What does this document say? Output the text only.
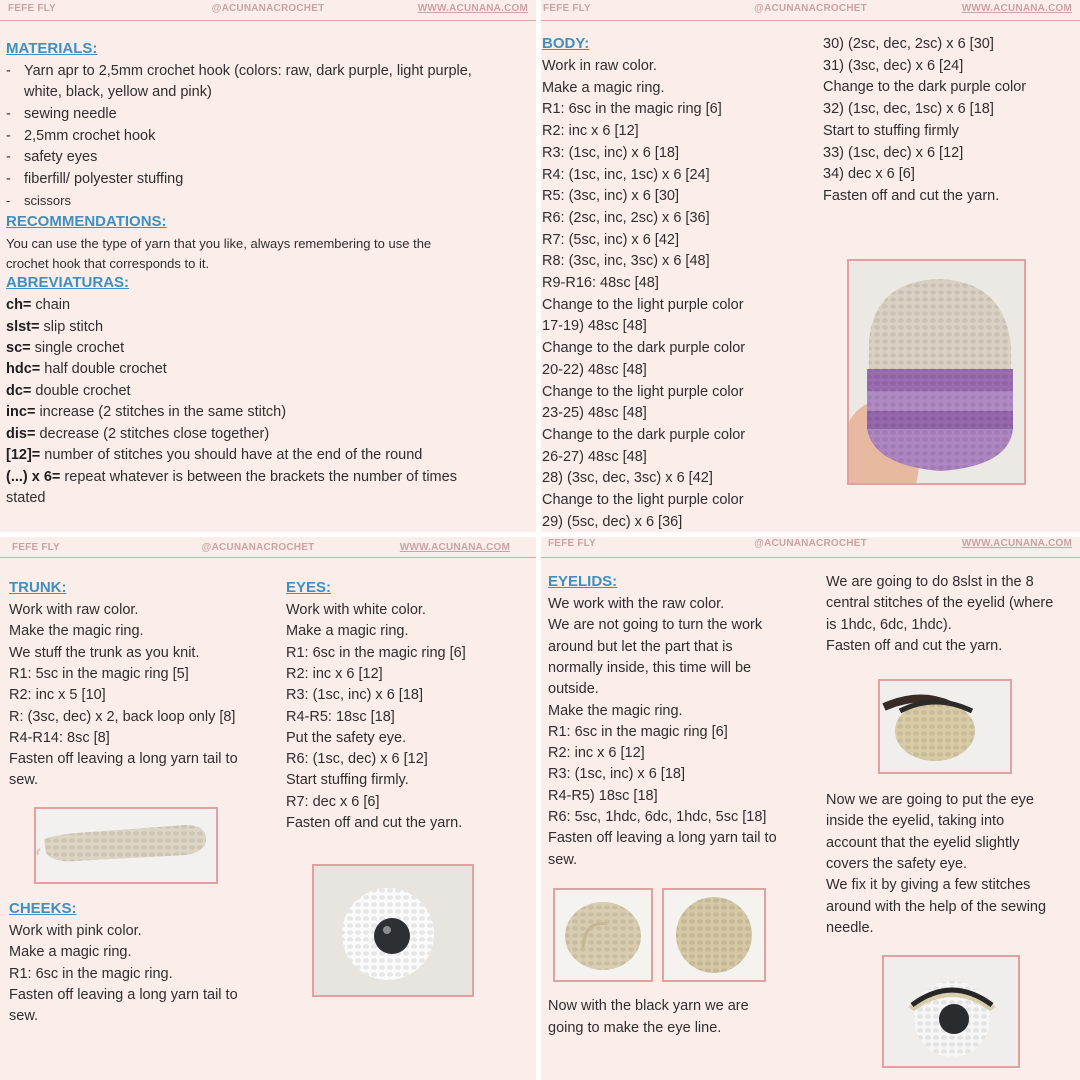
FEFE FLY	@ACUNANACROCHET	WWW.ACUNANA.COM
MATERIALS:
- Yarn apr to 2,5mm crochet hook (colors: raw, dark purple, light purple,
white, black, yellow and pink)
- sewing needle
- 2,5mm crochet hook
- safety eyes
- fiberfill/ polyester stuffing
- scissors
RECOMMENDATIONS:
You can use the type of yarn that you like, always remembering to use the
crochet hook that corresponds to it.
ABREVIATURAS:
ch= chain
slst= slip stitch
sc= single crochet
hdc= half double crochet
dc= double crochet
inc= increase (2 stitches in the same stitch)
dis= decrease (2 stitches close together)
[12]= number of stitches you should have at the end of the round
(...) x 6= repeat whatever is between the brackets the number of times
stated
FEFE FLY	@ACUNANACROCHET	WWW.ACUNANA.COM
BODY:
Work in raw color.
Make a magic ring.
R1: 6sc in the magic ring [6]
R2: inc x 6 [12]
R3: (1sc, inc) x 6 [18]
R4: (1sc, inc, 1sc) x 6 [24]
R5: (3sc, inc) x 6 [30]
R6: (2sc, inc, 2sc) x 6 [36]
R7: (5sc, inc) x 6 [42]
R8: (3sc, inc, 3sc) x 6 [48]
R9-R16: 48sc [48]
Change to the light purple color
17-19) 48sc [48]
Change to the dark purple color
20-22) 48sc [48]
Change to the light purple color
23-25) 48sc [48]
Change to the dark purple color
26-27) 48sc [48]
28) (3sc, dec, 3sc) x 6 [42]
Change to the light purple color
29) (5sc, dec) x 6 [36]
30) (2sc, dec, 2sc) x 6 [30]
31) (3sc, dec) x 6 [24]
Change to the dark purple color
32) (1sc, dec, 1sc) x 6 [18]
Start to stuffing firmly
33) (1sc, dec) x 6 [12]
34) dec x 6 [6]
Fasten off and cut the yarn.
FEFE FLY	@ACUNANACROCHET	WWW.ACUNANA.COM
TRUNK:
Work with raw color.
Make the magic ring.
We stuff the trunk as you knit.
R1: 5sc in the magic ring [5]
R2: inc x 5 [10]
R: (3sc, dec) x 2, back loop only [8]
R4-R14: 8sc [8]
Fasten off leaving a long yarn tail to
sew.
EYES:
Work with white color.
Make a magic ring.
R1: 6sc in the magic ring [6]
R2: inc x 6 [12]
R3: (1sc, inc) x 6 [18]
R4-R5: 18sc [18]
Put the safety eye.
R6: (1sc, dec) x 6 [12]
Start stuffing firmly.
R7: dec x 6 [6]
Fasten off and cut the yarn.
CHEEKS:
Work with pink color.
Make a magic ring.
R1: 6sc in the magic ring.
Fasten off leaving a long yarn tail to
sew.
FEFE FLY	@ACUNANACROCHET	WWW.ACUNANA.COM
EYELIDS:
We work with the raw color.
We are not going to turn the work
around but let the part that is
normally inside, this time will be
outside.
Make the magic ring.
R1: 6sc in the magic ring [6]
R2: inc x 6 [12]
R3: (1sc, inc) x 6 [18]
R4-R5) 18sc [18]
R6: 5sc, 1hdc, 6dc, 1hdc, 5sc [18]
Fasten off leaving a long yarn tail to
sew.
We are going to do 8slst in the 8
central stitches of the eyelid (where
is 1hdc, 6dc, 1hdc).
Fasten off and cut the yarn.
Now with the black yarn we are
going to make the eye line.
Now we are going to put the eye
inside the eyelid, taking into
account that the eyelid slightly
covers the safety eye.
We fix it by giving a few stitches
around with the help of the sewing
needle.
